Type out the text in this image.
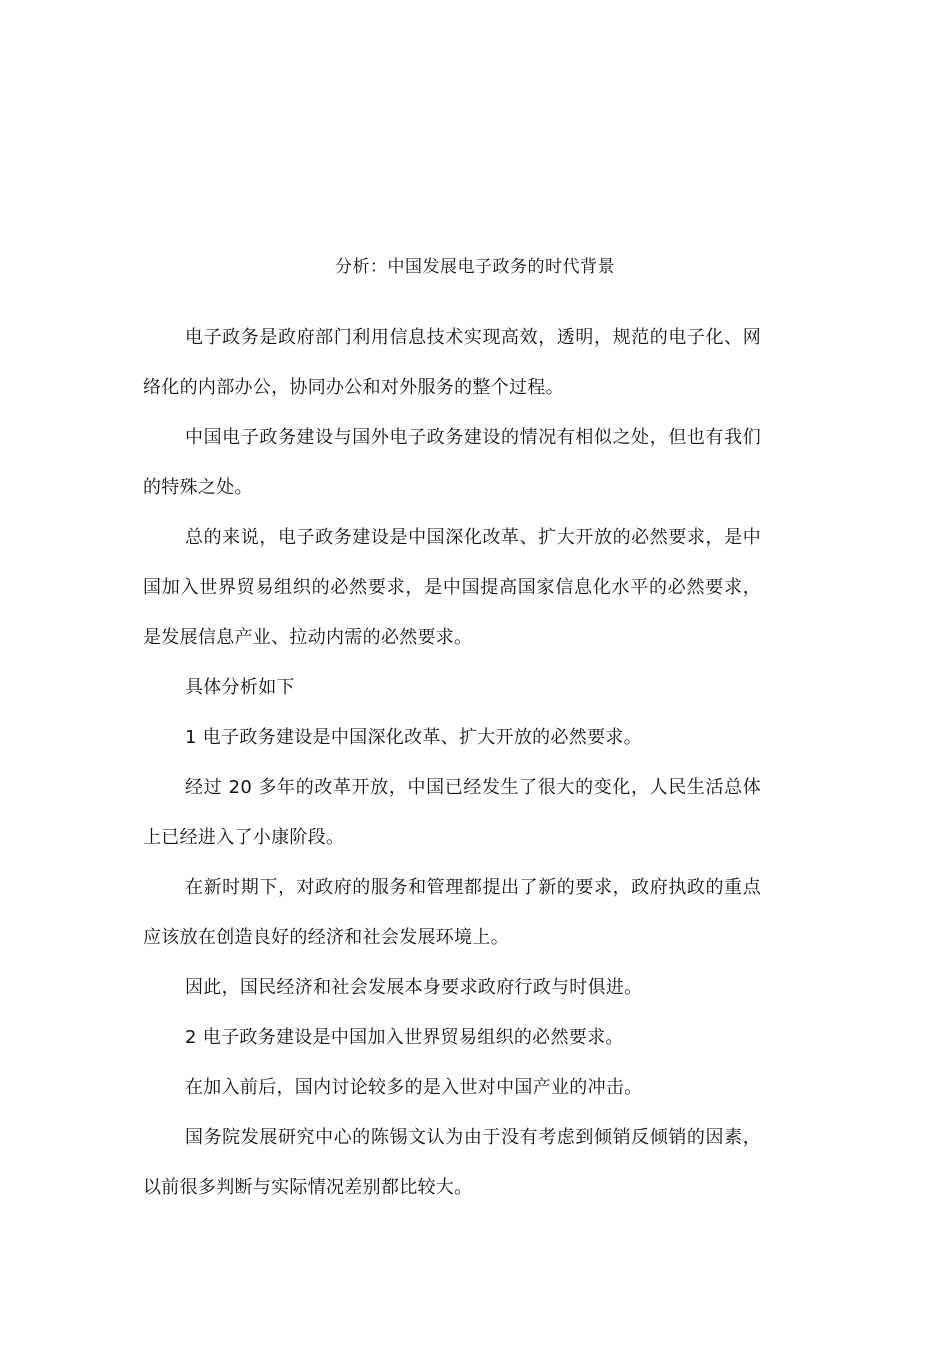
分析：中国发展电子政务的时代背景

电子政务是政府部门利用信息技术实现高效，透明，规范的电子化、网络化的内部办公，协同办公和对外服务的整个过程。

中国电子政务建设与国外电子政务建设的情况有相似之处，但也有我们的特殊之处。

总的来说，电子政务建设是中国深化改革、扩大开放的必然要求，是中国加入世界贸易组织的必然要求，是中国提高国家信息化水平的必然要求，是发展信息产业、拉动内需的必然要求。

具体分析如下

1 电子政务建设是中国深化改革、扩大开放的必然要求。

经过 20 多年的改革开放，中国已经发生了很大的变化，人民生活总体上已经进入了小康阶段。

在新时期下，对政府的服务和管理都提出了新的要求，政府执政的重点应该放在创造良好的经济和社会发展环境上。

因此，国民经济和社会发展本身要求政府行政与时俱进。

2 电子政务建设是中国加入世界贸易组织的必然要求。

在加入前后，国内讨论较多的是入世对中国产业的冲击。

国务院发展研究中心的陈锡文认为由于没有考虑到倾销反倾销的因素，以前很多判断与实际情况差别都比较大。
